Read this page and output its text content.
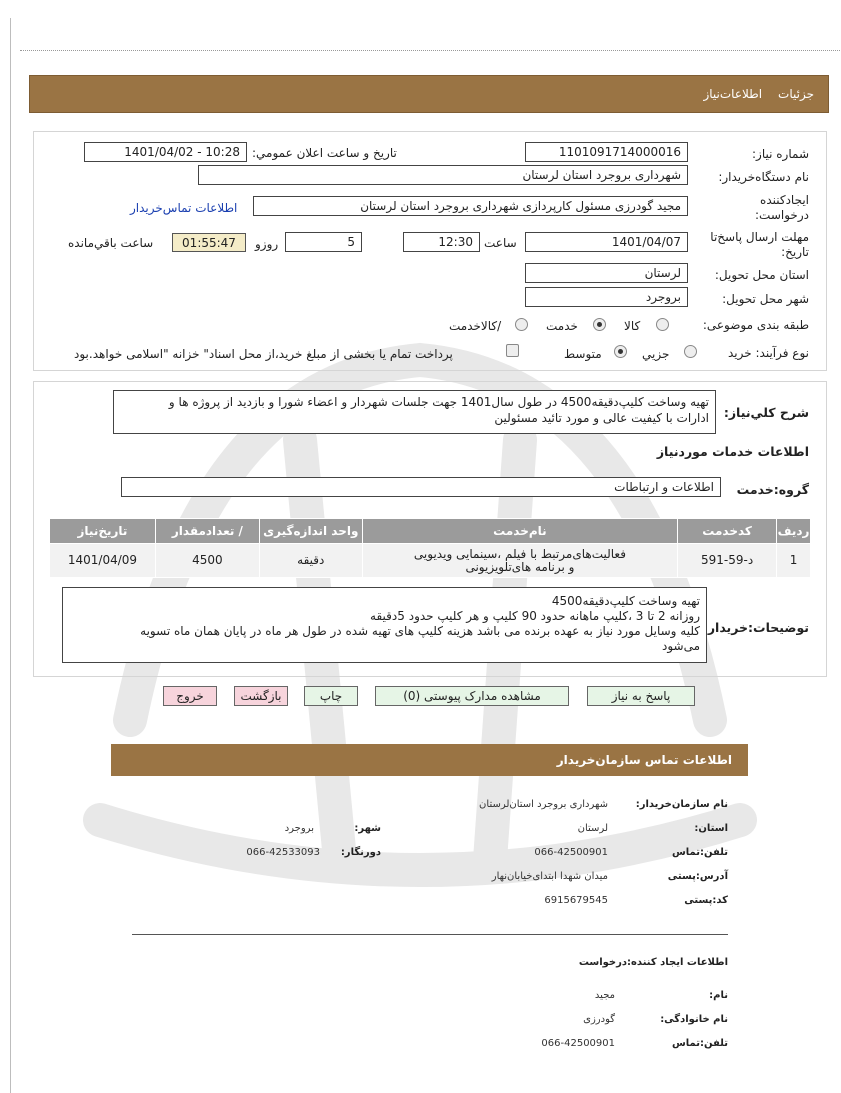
جزئیات
اطلاعات‌نیاز
شماره نیاز:
1101091714000016
تاریخ و ساعت اعلان عمومي:
1401/04/02 - 10:28
نام دستگاه‌خريدار:
شهرداری بروجرد استان لرستان
ايجادكننده
درخواست:
مجید گودرزی مسئول کارپردازی شهرداری بروجرد استان لرستان
اطلاعات تماس‌خريدار
مهلت ارسال پاسخ‌تا
تاريخ:
1401/04/07
ساعت
12:30
5
روزو
01:55:47
ساعت باقي‌مانده
استان محل تحويل:
لرستان
شهر محل تحويل:
بروجرد
طبقه بندی موضوعی:
کالا
خدمت
/کالاخدمت
نوع فرآيند: خريد
جزيي
متوسط
پرداخت تمام يا بخشی از مبلغ خريد،از محل اسناد" خزانه "اسلامی خواهد.بود
شرح كلي‌نياز:
تهیه وساخت کلیپ‌دقیقه4500 در طول سال1401 جهت جلسات شهردار و اعضاء شورا و بازدید از پروژه ها و
ادارات با کیفیت عالی و مورد تائید مسئولین
اطلاعات خدمات موردنياز
گروه:خدمت
اطلاعات و ارتباطات
رديف	كدخدمت	نام‌خدمت	واحد اندازه‌گيری	/ تعدادمقدار	تاريخ‌نياز
1	د-59-591	فعالیت‌های‌مرتبط با فیلم ،سینمایی ویدیویی
و برنامه های‌تلویزیونی	دقیقه	4500	1401/04/09
توضيحات:خريدار
تهیه وساخت کلیپ‌دقیقه4500
روزانه 2 تا 3 ،کلیپ ماهانه حدود 90 کلیپ و هر کلیپ حدود 5دقیقه
کلیه وسایل مورد نیاز به عهده برنده می باشد هزینه کلیپ های تهیه شده در طول هر ماه در پایان همان ماه تسویه
می‌شود
پاسخ به نياز
مشاهده مدارک پیوستی (0)
چاپ
بازگشت
خروج
اطلاعات تماس سازمان‌خریدار
نام سازمان‌خریدار:
شهرداری بروجرد استان‌لرستان
استان:
لرستان
شهر:
بروجرد
تلفن:تماس
066-42500901
دورنگار:
066-42533093
آدرس:پستی
میدان شهدا ابتدای‌خیابان‌نهار
کد:پستی
6915679545
اطلاعات ایجاد کننده:درخواست
نام:
مجید
نام خانوادگی:
گودرزی
تلفن:تماس
066-42500901
